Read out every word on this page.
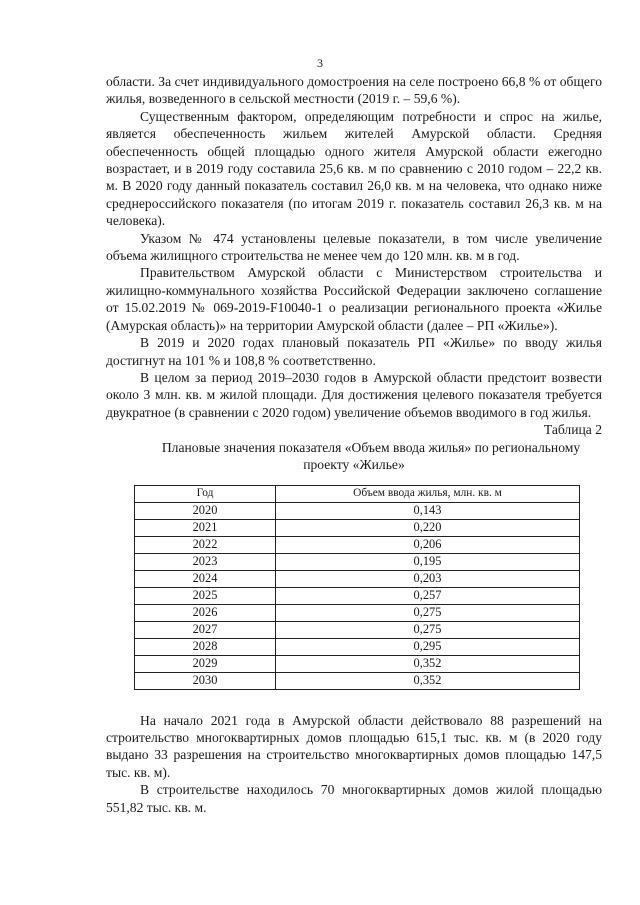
3

области. За счет индивидуального домостроения на селе построено 66,8 % от общего жилья, возведенного в сельской местности (2019 г. – 59,6 %).

Существенным фактором, определяющим потребности и спрос на жилье, является обеспеченность жильем жителей Амурской области. Средняя обеспеченность общей площадью одного жителя Амурской области ежегодно возрастает, и в 2019 году составила 25,6 кв. м по сравнению с 2010 годом – 22,2 кв. м. В 2020 году данный показатель составил 26,0 кв. м на человека, что однако ниже среднероссийского показателя (по итогам 2019 г. показатель составил 26,3 кв. м на человека).

Указом № 474 установлены целевые показатели, в том числе увеличение объема жилищного строительства не менее чем до 120 млн. кв. м в год.

Правительством Амурской области с Министерством строительства и жилищно-коммунального хозяйства Российской Федерации заключено соглашение от 15.02.2019 № 069-2019-F10040-1 о реализации регионального проекта «Жилье (Амурская область)» на территории Амурской области (далее – РП «Жилье»).

В 2019 и 2020 годах плановый показатель РП «Жилье» по вводу жилья достигнут на 101 % и 108,8 % соответственно.

В целом за период 2019–2030 годов в Амурской области предстоит возвести около 3 млн. кв. м жилой площади. Для достижения целевого показателя требуется двукратное (в сравнении с 2020 годом) увеличение объемов вводимого в год жилья.

Таблица 2

Плановые значения показателя «Объем ввода жилья» по региональному проекту «Жилье»

Год	Объем ввода жилья, млн. кв. м
2020	0,143
2021	0,220
2022	0,206
2023	0,195
2024	0,203
2025	0,257
2026	0,275
2027	0,275
2028	0,295
2029	0,352
2030	0,352

На начало 2021 года в Амурской области действовало 88 разрешений на строительство многоквартирных домов площадью 615,1 тыс. кв. м (в 2020 году выдано 33 разрешения на строительство многоквартирных домов площадью 147,5 тыс. кв. м).

В строительстве находилось 70 многоквартирных домов жилой площадью 551,82 тыс. кв. м.
